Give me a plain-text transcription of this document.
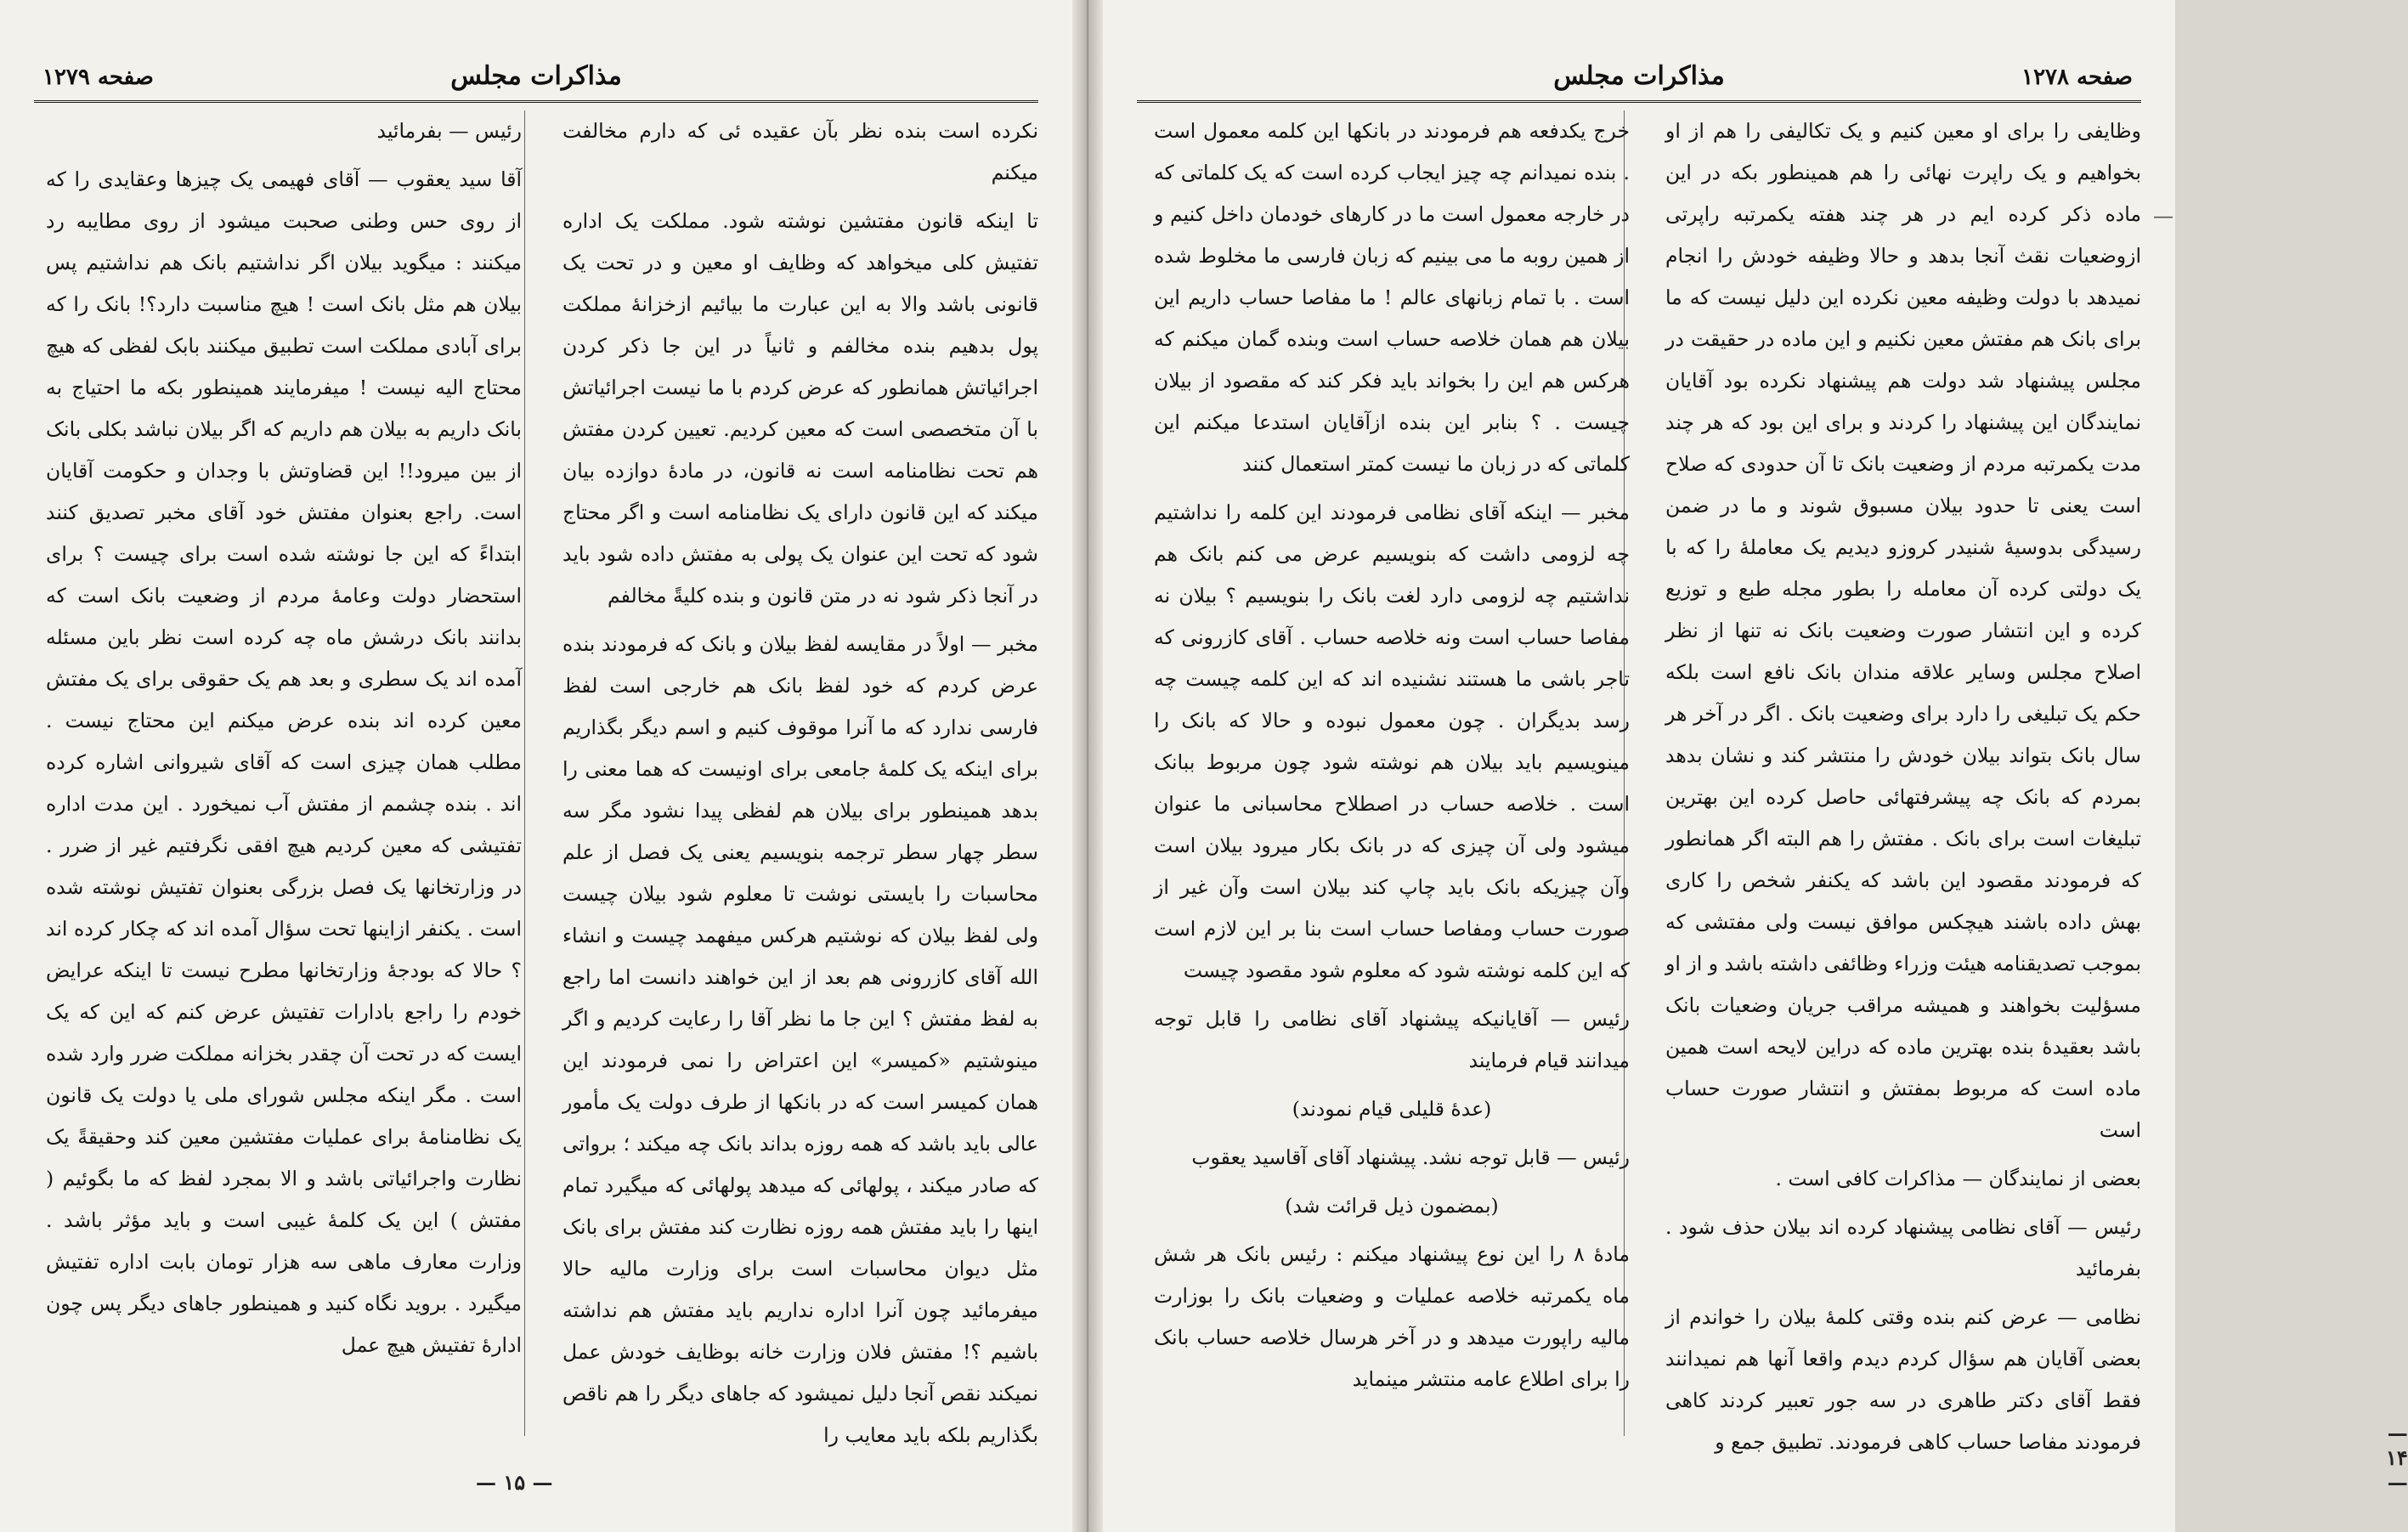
مذاکرات مجلس
صفحه ۱۲۷۹

نکرده است بنده نظر بآن عقیده ئی که دارم مخالفت میکنم

تا اینکه قانون مفتشین نوشته شود. مملکت یک اداره تفتیش کلی میخواهد که وظایف او معین و در تحت یک قانونی باشد والا به این عبارت ما بیائیم ازخزانهٔ مملکت پول بدهیم بنده مخالفم و ثانیاً در این جا ذکر کردن اجرائیاتش همانطور که عرض کردم با ما نیست اجرائیاتش با آن متخصصی است که معین کردیم. تعیین کردن مفتش هم تحت نظامنامه است نه قانون، در مادهٔ دوازده بیان میکند که این قانون دارای یک نظامنامه است و اگر محتاج شود که تحت این عنوان یک پولی به مفتش داده شود باید در آنجا ذکر شود نه در متن قانون و بنده کلیةً مخالفم

مخبر — اولاً در مقایسه لفظ بیلان و بانک که فرمودند بنده عرض کردم که خود لفظ بانک هم خارجی است لفظ فارسی ندارد که ما آنرا موقوف کنیم و اسم دیگر بگذاریم برای اینکه یک کلمهٔ جامعی برای اونیست که هما معنی را بدهد همینطور برای بیلان هم لفظی پیدا نشود مگر سه سطر چهار سطر ترجمه بنویسیم یعنی یک فصل از علم محاسبات را بایستی نوشت تا معلوم شود بیلان چیست ولی لفظ بیلان که نوشتیم هرکس میفهمد چیست و انشاء الله آقای کازرونی هم بعد از این خواهند دانست اما راجع به لفظ مفتش ؟ این جا ما نظر آقا را رعایت کردیم و اگر مینوشتیم «کمیسر» این اعتراض را نمی فرمودند این همان کمیسر است که در بانکها از طرف دولت یک مأمور عالی باید باشد که همه روزه بداند بانک چه میکند ؛ برواتی که صادر میکند ، پولهائی که میدهد پولهائی که میگیرد تمام اینها را باید مفتش همه روزه نظارت کند مفتش برای بانک مثل دیوان محاسبات است برای وزارت مالیه حالا میفرمائید چون آنرا اداره نداریم باید مفتش هم نداشته باشیم ؟! مفتش فلان وزارت خانه بوظایف خودش عمل نمیکند نقص آنجا دلیل نمیشود که جاهای دیگر را هم ناقص بگذاریم بلکه باید معایب را

رئیس — بفرمائید

آقا سید یعقوب — آقای فهیمی یک چیزها وعقایدی را که از روی حس وطنی صحبت میشود از روی مطایبه رد میکنند : میگوید بیلان اگر نداشتیم بانک هم نداشتیم پس بیلان هم مثل بانک است ! هیچ مناسبت دارد؟! بانک را که برای آبادی مملکت است تطبیق میکنند بابک لفظی که هیچ محتاج الیه نیست ! میفرمایند همینطور بکه ما احتیاج به بانک داریم به بیلان هم داریم که اگر بیلان نباشد بکلی بانک از بین میرود!! این قضاوتش با وجدان و حکومت آقایان است. راجع بعنوان مفتش خود آقای مخبر تصدیق کنند ابتداءً که این جا نوشته شده است برای چیست ؟ برای استحضار دولت وعامهٔ مردم از وضعیت بانک است که بدانند بانک درشش ماه چه کرده است نظر باین مسئله آمده اند یک سطری و بعد هم یک حقوقی برای یک مفتش معین کرده اند بنده عرض میکنم این محتاج نیست . مطلب همان چیزی است که آقای شیروانی اشاره کرده اند . بنده چشمم از مفتش آب نمیخورد . این مدت اداره تفتیشی که معین کردیم هیچ افقی نگرفتیم غیر از ضرر . در وزارتخانها یک فصل بزرگی بعنوان تفتیش نوشته شده است . یکنفر ازاینها تحت سؤال آمده اند که چکار کرده اند ؟ حالا که بودجهٔ وزارتخانها مطرح نیست تا اینکه عرایض خودم را راجع بادارات تفتیش عرض کنم که این که یک ایست که در تحت آن چقدر بخزانه مملکت ضرر وارد شده است . مگر اینکه مجلس شورای ملی یا دولت یک قانون یک نظامنامهٔ برای عملیات مفتشین معین کند وحقیقةً یک نظارت واجرائیاتی باشد و الا بمجرد لفظ که ما بگوئیم ( مفتش ) این یک کلمهٔ غیبی است و باید مؤثر باشد . وزارت معارف ماهی سه هزار تومان بابت اداره تفتیش میگیرد . بروید نگاه کنید و همینطور جاهای دیگر پس چون ادارهٔ تفتیش هیچ عمل

— ۱۵ —
مذاکرات مجلس	صفحه ۱۲۷۸

وظایفی را برای او معین کنیم و یک تکالیفی را هم از او بخواهیم و یک راپرت نهائی را هم همینطور بکه در این ماده ذکر کرده ایم در هر چند هفته یکمرتبه راپرتی ازوضعیات نقث آنجا بدهد و حالا وظیفه خودش را انجام نمیدهد با دولت وظیفه معین نکرده این دلیل نیست که ما برای بانک هم مفتش معین نکنیم و این ماده در حقیقت در مجلس پیشنهاد شد دولت هم پیشنهاد نکرده بود آقایان نمایندگان این پیشنهاد را کردند و برای این بود که هر چند مدت یکمرتبه مردم از وضعیت بانک تا آن حدودی که صلاح است یعنی تا حدود بیلان مسبوق شوند و ما در ضمن رسیدگی بدوسیهٔ شنیدر کروزو دیدیم یک معاملهٔ را که با یک دولتی کرده آن معامله را بطور مجله طبع و توزیع کرده و این انتشار صورت وضعیت بانک نه تنها از نظر اصلاح مجلس وسایر علاقه مندان بانک نافع است بلکه حکم یک تبلیغی را دارد برای وضعیت بانک . اگر در آخر هر سال بانک بتواند بیلان خودش را منتشر کند و نشان بدهد بمردم که بانک چه پیشرفتهائی حاصل کرده این بهترین تبلیغات است برای بانک . مفتش را هم البته اگر همانطور که فرمودند مقصود این باشد که یکنفر شخص را کاری بهش داده باشند هیچکس موافق نیست ولی مفتشی که بموجب تصدیقنامه هیئت وزراء وظائفی داشته باشد و از او مسؤلیت بخواهند و همیشه مراقب جریان وضعیات بانک باشد بعقیدهٔ بنده بهترین ماده که دراین لایحه است همین ماده است که مربوط بمفتش و انتشار صورت حساب است

بعضی از نمایندگان — مذاکرات کافی است .

رئیس — آقای نظامی پیشنهاد کرده اند بیلان حذف شود . بفرمائید

نظامی — عرض کنم بنده وقتی کلمهٔ بیلان را خواندم از بعضی آقایان هم سؤال کردم دیدم واقعا آنها هم نمیدانند فقط آقای دکتر طاهری در سه جور تعبیر کردند کاهی فرمودند مفاصا حساب کاهی فرمودند. تطبیق جمع و

خرج یکدفعه هم فرمودند در بانکها این کلمه معمول است . بنده نمیدانم چه چیز ایجاب کرده است که یک کلماتی که در خارجه معمول است ما در کارهای خودمان داخل کنیم و از همین روبه ما می بینیم که زبان فارسی ما مخلوط شده است . با تمام زبانهای عالم ! ما مفاصا حساب داریم این بیلان هم همان خلاصه حساب است وبنده گمان میکنم که هرکس هم این را بخواند باید فکر کند که مقصود از بیلان چیست . ؟ بنابر این بنده ازآقایان استدعا میکنم این کلماتی که در زبان ما نیست کمتر استعمال کنند

مخبر — اینکه آقای نظامی فرمودند این کلمه را نداشتیم چه لزومی داشت که بنویسیم عرض می کنم بانک هم نداشتیم چه لزومی دارد لغت بانک را بنویسیم ؟ بیلان نه مفاصا حساب است ونه خلاصه حساب . آقای کازرونی که تاجر باشی ما هستند نشنیده اند که این کلمه چیست چه رسد بدیگران . چون معمول نبوده و حالا که بانک را مینویسیم باید بیلان هم نوشته شود چون مربوط ببانک است . خلاصه حساب در اصطلاح محاسبانی ما عنوان میشود ولی آن چیزی که در بانک بکار میرود بیلان است وآن چیزیکه بانک باید چاپ کند بیلان است وآن غیر از صورت حساب ومفاصا حساب است بنا بر این لازم است که این کلمه نوشته شود که معلوم شود مقصود چیست

رئیس — آقایانیکه پیشنهاد آقای نظامی را قابل توجه میدانند قیام فرمایند

(عدهٔ قلیلی قیام نمودند)

رئیس — قابل توجه نشد. پیشنهاد آقای آقاسید یعقوب

(بمضمون ذیل قرائت شد)

مادهٔ ۸ را این نوع پیشنهاد میکنم : رئیس بانک هر شش ماه یکمرتبه خلاصه عملیات و وضعیات بانک را بوزارت مالیه راپورت میدهد و در آخر هرسال خلاصه حساب بانک را برای اطلاع عامه منتشر مینماید

— ۱۴ —
—
